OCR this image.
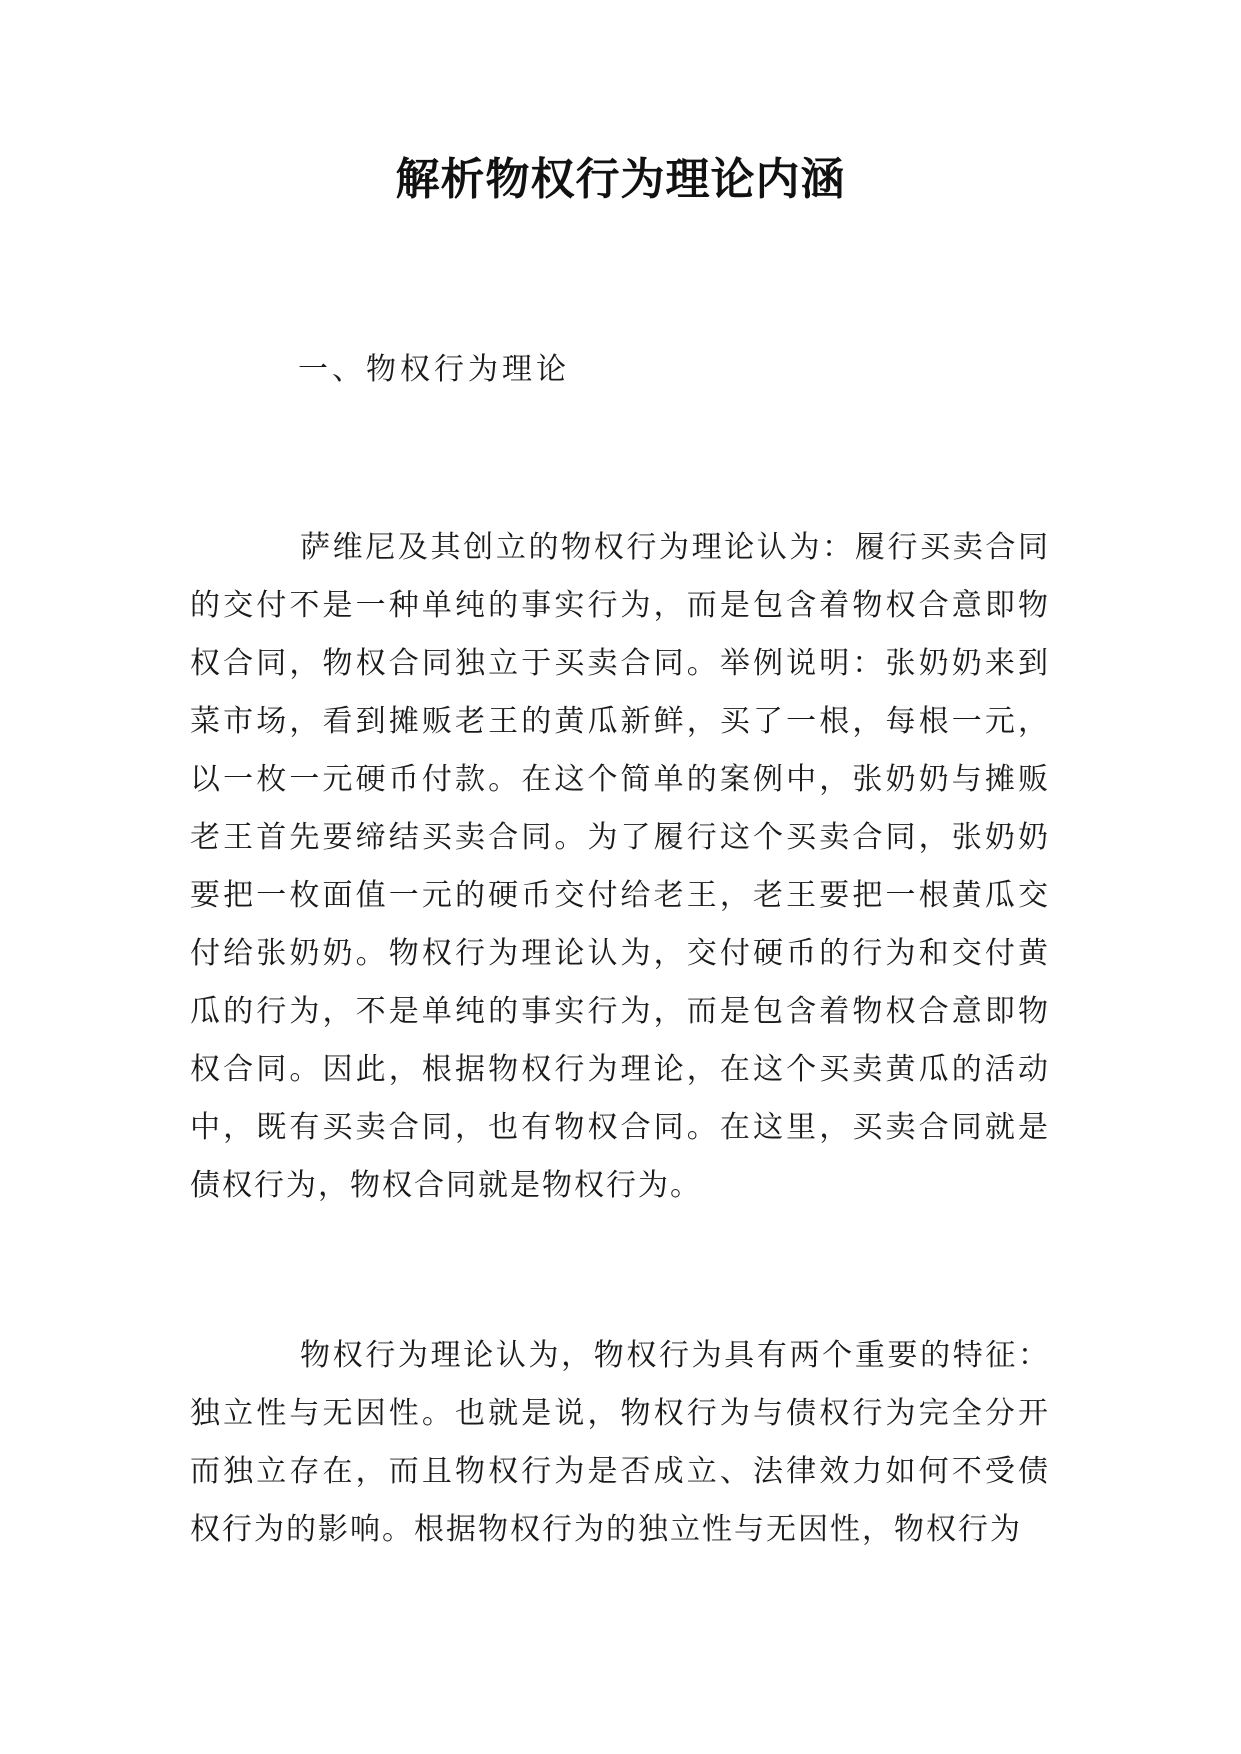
解析物权行为理论内涵
一、物权行为理论

萨维尼及其创立的物权行为理论认为：履行买卖合同的交付不是一种单纯的事实行为，而是包含着物权合意即物权合同，物权合同独立于买卖合同。举例说明：张奶奶来到菜市场，看到摊贩老王的黄瓜新鲜，买了一根，每根一元，以一枚一元硬币付款。在这个简单的案例中，张奶奶与摊贩老王首先要缔结买卖合同。为了履行这个买卖合同，张奶奶要把一枚面值一元的硬币交付给老王，老王要把一根黄瓜交付给张奶奶。物权行为理论认为，交付硬币的行为和交付黄瓜的行为，不是单纯的事实行为，而是包含着物权合意即物权合同。因此，根据物权行为理论，在这个买卖黄瓜的活动中，既有买卖合同，也有物权合同。在这里，买卖合同就是债权行为，物权合同就是物权行为。

物权行为理论认为，物权行为具有两个重要的特征：独立性与无因性。也就是说，物权行为与债权行为完全分开而独立存在，而且物权行为是否成立、法律效力如何不受债权行为的影响。根据物权行为的独立性与无因性，物权行为
